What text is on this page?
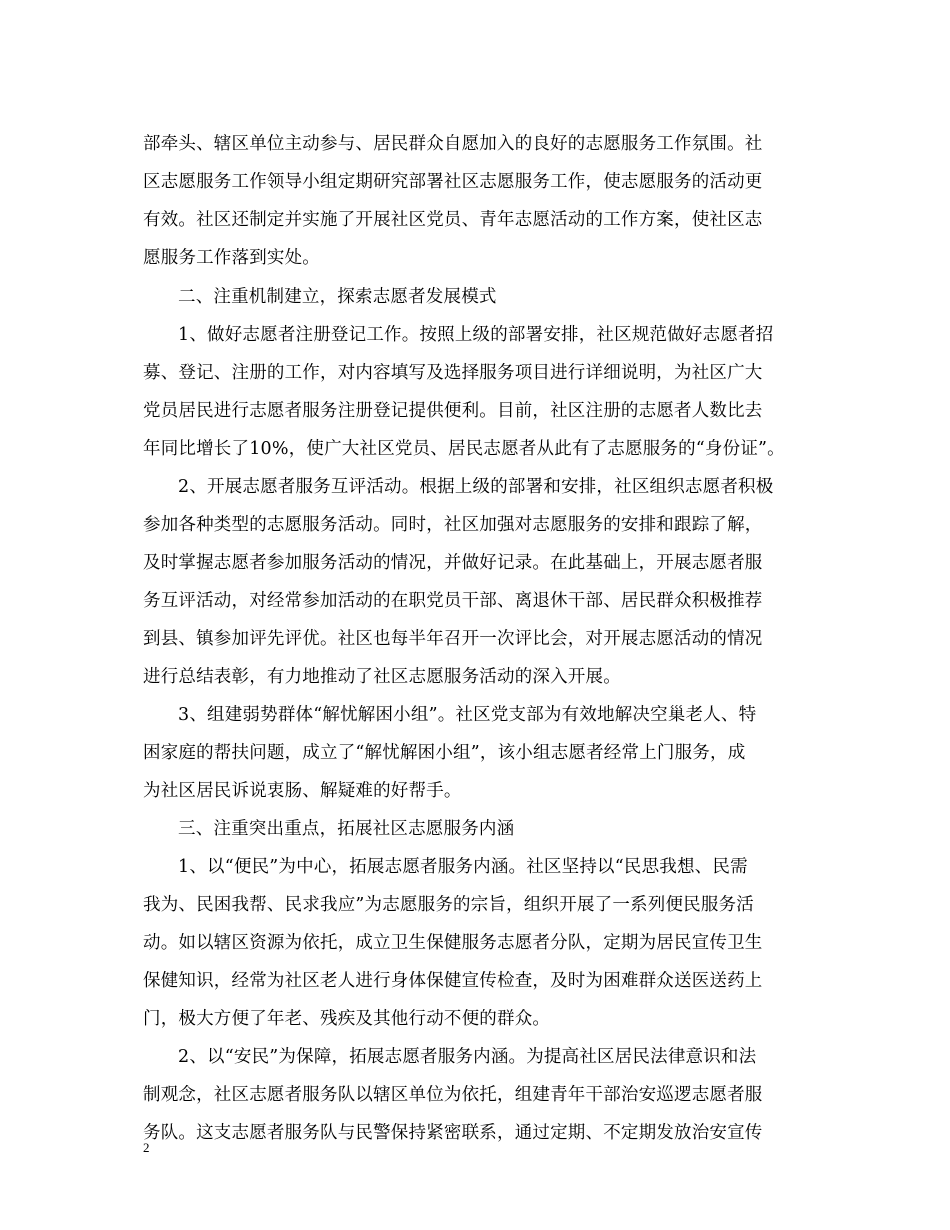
部牵头、辖区单位主动参与、居民群众自愿加入的良好的志愿服务工作氛围。社
区志愿服务工作领导小组定期研究部署社区志愿服务工作，使志愿服务的活动更
有效。社区还制定并实施了开展社区党员、青年志愿活动的工作方案，使社区志
愿服务工作落到实处。
二、注重机制建立，探索志愿者发展模式
1、做好志愿者注册登记工作。按照上级的部署安排，社区规范做好志愿者招
募、登记、注册的工作，对内容填写及选择服务项目进行详细说明，为社区广大
党员居民进行志愿者服务注册登记提供便利。目前，社区注册的志愿者人数比去
年同比增长了10%，使广大社区党员、居民志愿者从此有了志愿服务的“身份证”。
2、开展志愿者服务互评活动。根据上级的部署和安排，社区组织志愿者积极
参加各种类型的志愿服务活动。同时，社区加强对志愿服务的安排和跟踪了解，
及时掌握志愿者参加服务活动的情况，并做好记录。在此基础上，开展志愿者服
务互评活动，对经常参加活动的在职党员干部、离退休干部、居民群众积极推荐
到县、镇参加评先评优。社区也每半年召开一次评比会，对开展志愿活动的情况
进行总结表彰，有力地推动了社区志愿服务活动的深入开展。
3、组建弱势群体“解忧解困小组”。社区党支部为有效地解决空巢老人、特
困家庭的帮扶问题，成立了“解忧解困小组”，该小组志愿者经常上门服务，成
为社区居民诉说衷肠、解疑难的好帮手。
三、注重突出重点，拓展社区志愿服务内涵
1、以“便民”为中心，拓展志愿者服务内涵。社区坚持以“民思我想、民需
我为、民困我帮、民求我应”为志愿服务的宗旨，组织开展了一系列便民服务活
动。如以辖区资源为依托，成立卫生保健服务志愿者分队，定期为居民宣传卫生
保健知识，经常为社区老人进行身体保健宣传检查，及时为困难群众送医送药上
门，极大方便了年老、残疾及其他行动不便的群众。
2、以“安民”为保障，拓展志愿者服务内涵。为提高社区居民法律意识和法
制观念，社区志愿者服务队以辖区单位为依托，组建青年干部治安巡逻志愿者服
务队。这支志愿者服务队与民警保持紧密联系，通过定期、不定期发放治安宣传
2
